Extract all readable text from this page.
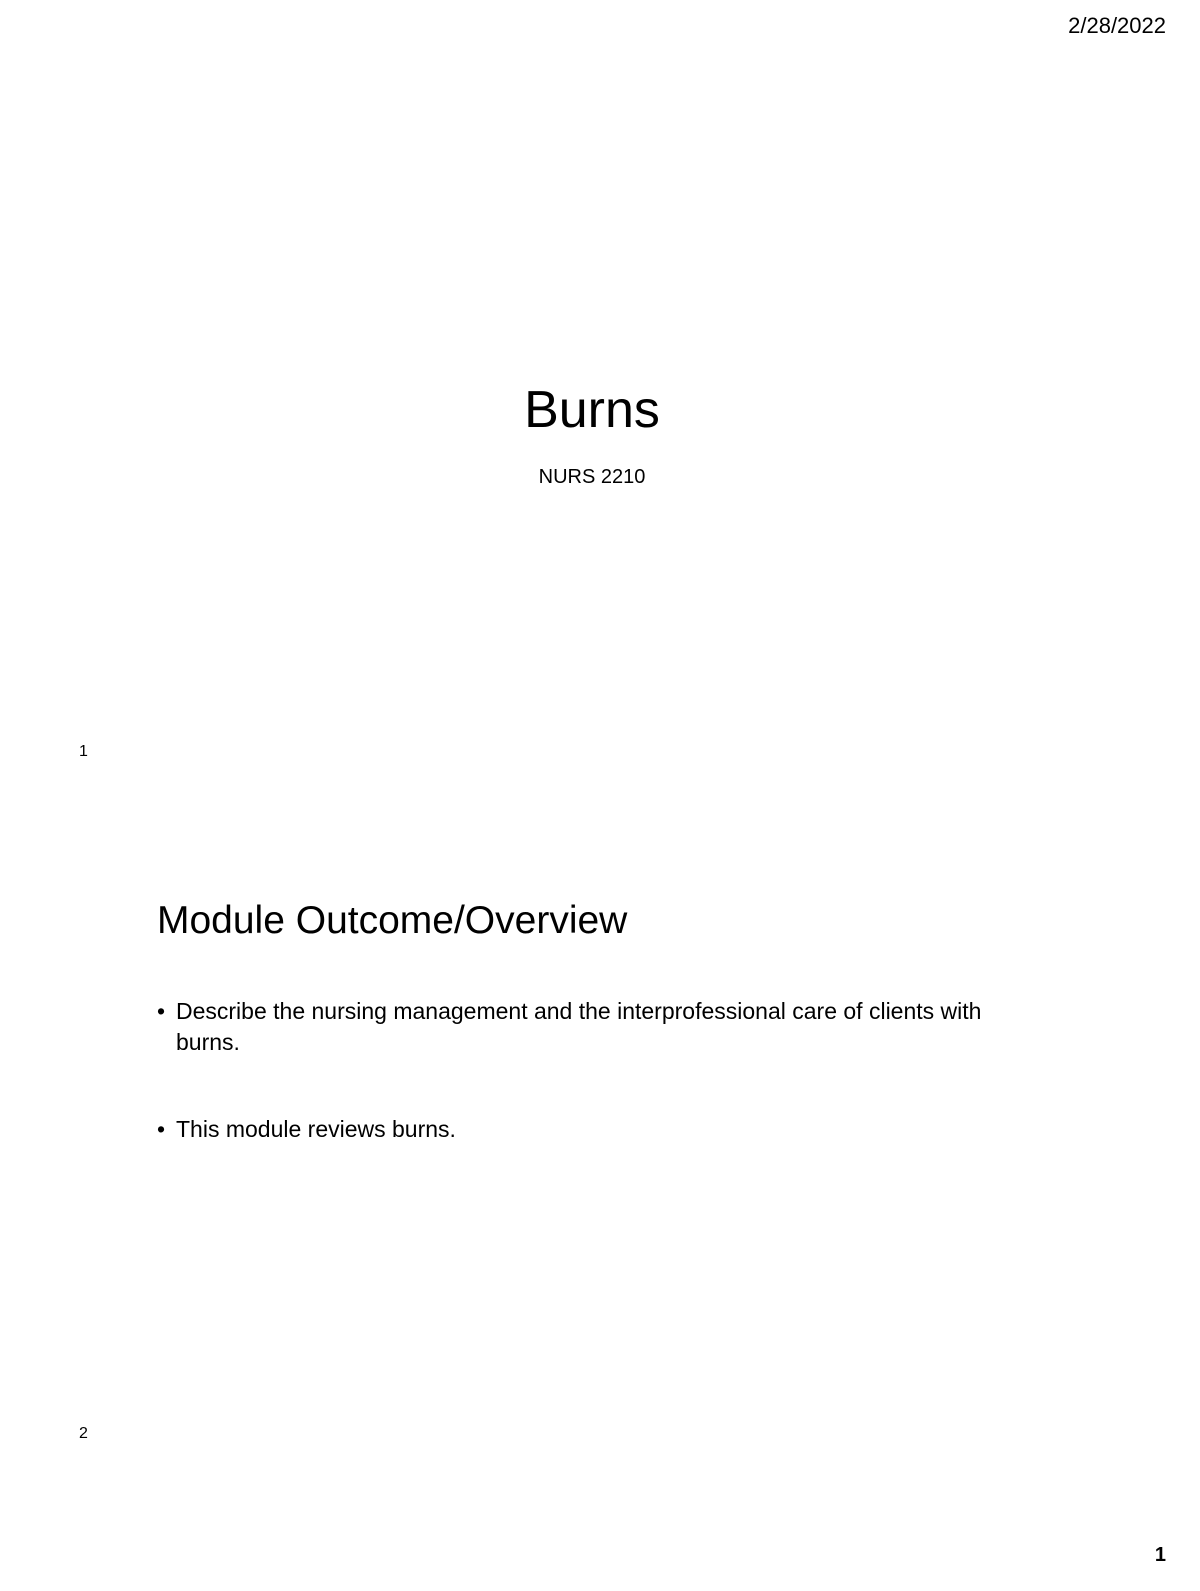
2/28/2022
Burns
NURS 2210
1
Module Outcome/Overview
• Describe the nursing management and the interprofessional care of clients with burns.
• This module reviews burns.
2
1
